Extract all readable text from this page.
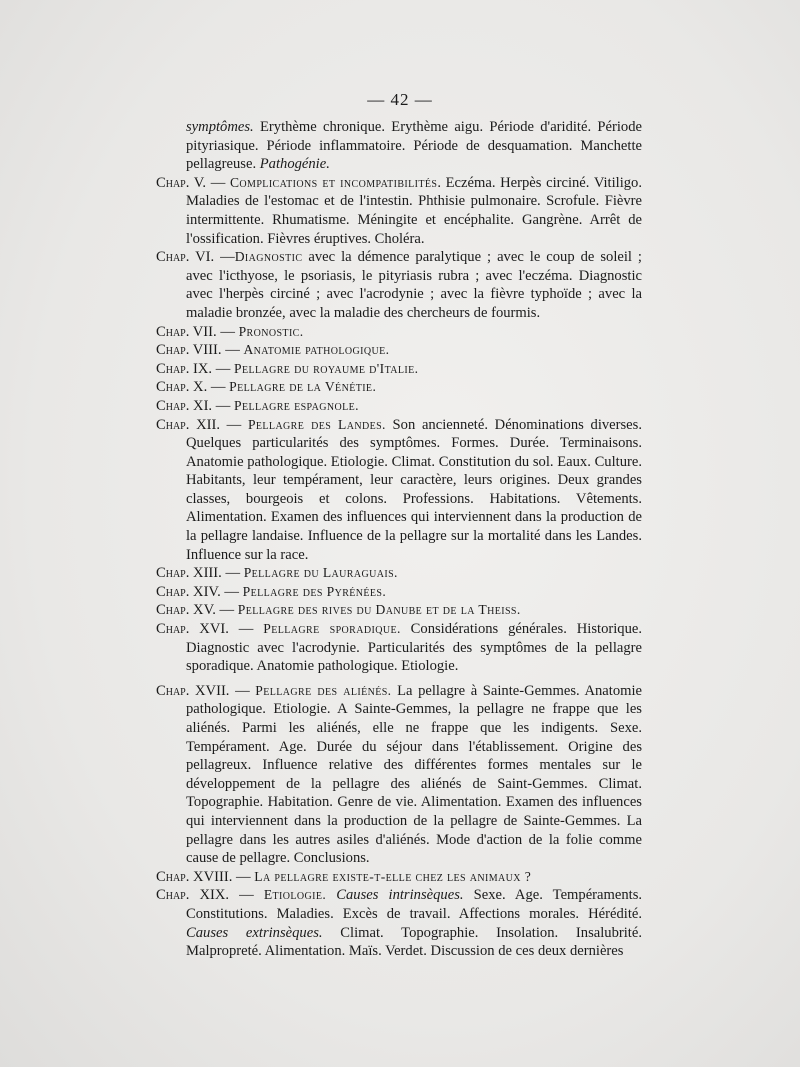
— 42 —

symptômes. Erythème chronique. Erythème aigu. Période d'aridité. Période pityriasique. Période inflammatoire. Période de desquamation. Manchette pellagreuse. Pathogénie.

Chap. V. — Complications et incompatibilités. Eczéma. Herpès circiné. Vitiligo. Maladies de l'estomac et de l'intestin. Phthisie pulmonaire. Scrofule. Fièvre intermittente. Rhumatisme. Méningite et encéphalite. Gangrène. Arrêt de l'ossification. Fièvres éruptives. Choléra.

Chap. VI. —Diagnostic avec la démence paralytique ; avec le coup de soleil ; avec l'icthyose, le psoriasis, le pityriasis rubra ; avec l'eczéma. Diagnostic avec l'herpès circiné ; avec l'acrodynie ; avec la fièvre typhoïde ; avec la maladie bronzée, avec la maladie des chercheurs de fourmis.

Chap. VII. — Pronostic.

Chap. VIII. — Anatomie pathologique.

Chap. IX. — Pellagre du royaume d'Italie.

Chap. X. — Pellagre de la Vénétie.

Chap. XI. — Pellagre espagnole.

Chap. XII. — Pellagre des Landes. Son ancienneté. Dénominations diverses. Quelques particularités des symptômes. Formes. Durée. Terminaisons. Anatomie pathologique. Etiologie. Climat. Constitution du sol. Eaux. Culture. Habitants, leur tempérament, leur caractère, leurs origines. Deux grandes classes, bourgeois et colons. Professions. Habitations. Vêtements. Alimentation. Examen des influences qui interviennent dans la production de la pellagre landaise. Influence de la pellagre sur la mortalité dans les Landes. Influence sur la race.

Chap. XIII. — Pellagre du Lauraguais.

Chap. XIV. — Pellagre des Pyrénées.

Chap. XV. — Pellagre des rives du Danube et de la Theiss.

Chap. XVI. — Pellagre sporadique. Considérations générales. Historique. Diagnostic avec l'acrodynie. Particularités des symptômes de la pellagre sporadique. Anatomie pathologique. Etiologie.

Chap. XVII. — Pellagre des aliénés. La pellagre à Sainte-Gemmes. Anatomie pathologique. Etiologie. A Sainte-Gemmes, la pellagre ne frappe que les aliénés. Parmi les aliénés, elle ne frappe que les indigents. Sexe. Tempérament. Age. Durée du séjour dans l'établissement. Origine des pellagreux. Influence relative des différentes formes mentales sur le développement de la pellagre des aliénés de Saint-Gemmes. Climat. Topographie. Habitation. Genre de vie. Alimentation. Examen des influences qui interviennent dans la production de la pellagre de Sainte-Gemmes. La pellagre dans les autres asiles d'aliénés. Mode d'action de la folie comme cause de pellagre. Conclusions.

Chap. XVIII. — La pellagre existe-t-elle chez les animaux ?

Chap. XIX. — Etiologie. Causes intrinsèques. Sexe. Age. Tempéraments. Constitutions. Maladies. Excès de travail. Affections morales. Hérédité. Causes extrinsèques. Climat. Topographie. Insolation. Insalubrité. Malpropreté. Alimentation. Maïs. Verdet. Discussion de ces deux dernières
